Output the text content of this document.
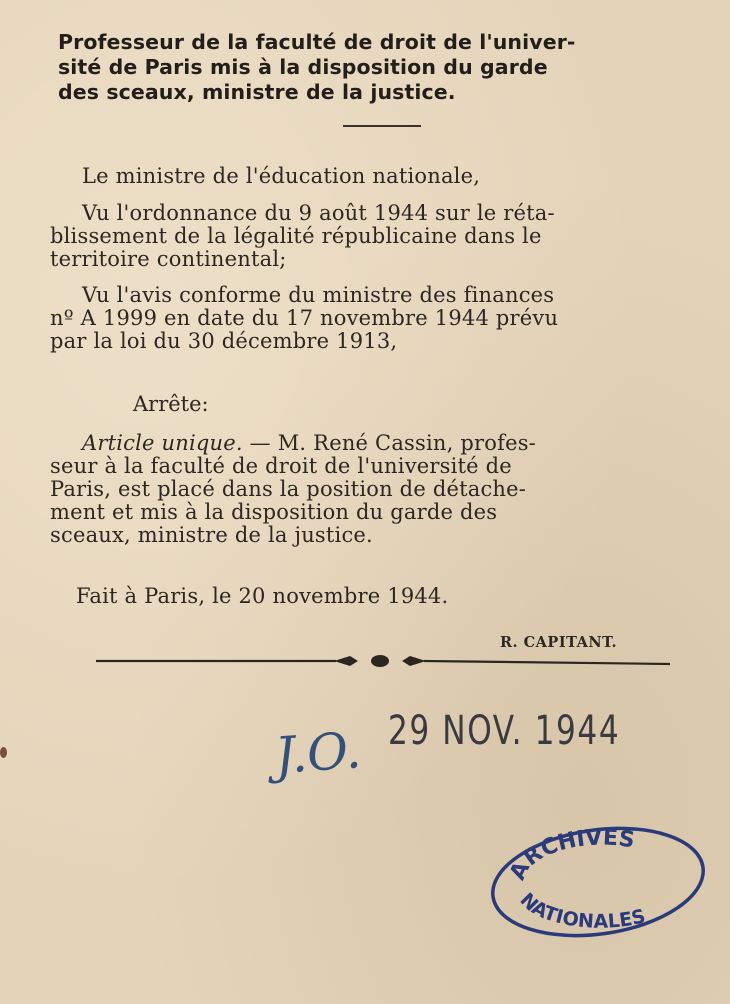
Professeur de la faculté de droit de l'univer-
sité de Paris mis à la disposition du garde
des sceaux, ministre de la justice.
Le ministre de l'éducation nationale,
Vu l'ordonnance du 9 août 1944 sur le réta-
blissement de la légalité républicaine dans le
territoire continental;
Vu l'avis conforme du ministre des finances
nº A 1999 en date du 17 novembre 1944 prévu
par la loi du 30 décembre 1913,
Arrête:
Article unique. — M. René Cassin, profes-
seur à la faculté de droit de l'université de
Paris, est placé dans la position de détache-
ment et mis à la disposition du garde des
sceaux, ministre de la justice.
Fait à Paris, le 20 novembre 1944.
R. CAPITANT.
J.O. 29 NOV. 1944
ARCHIVES
NATIONALES
